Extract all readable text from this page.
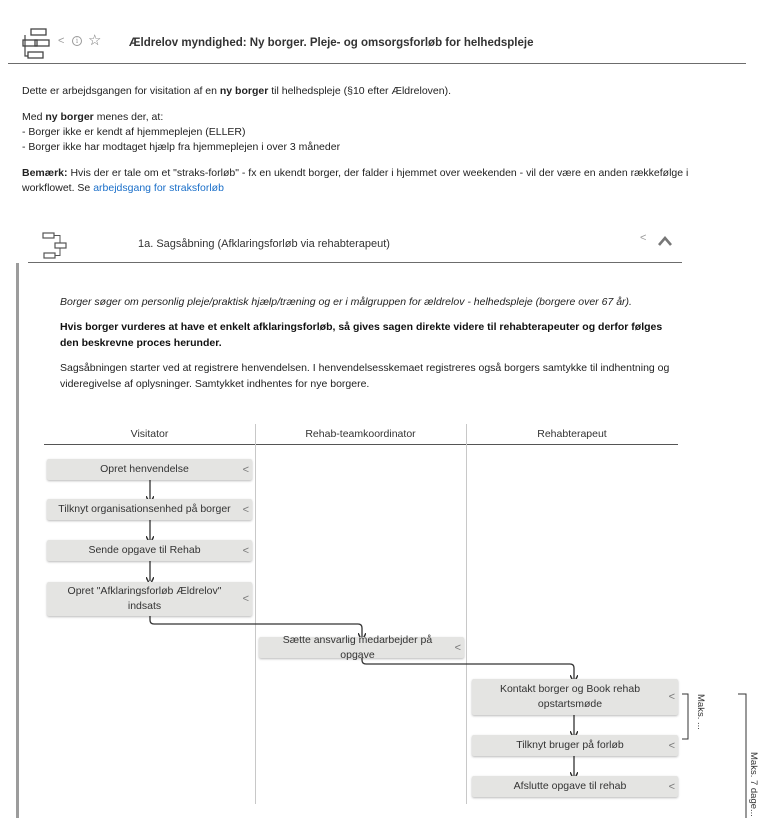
<	i ☆ Ældrelov myndighed: Ny borger. Pleje- og omsorgsforløb for helhedspleje

Dette er arbejdsgangen for visitation af en ny borger til helhedspleje (§10 efter Ældreloven).

Med ny borger menes der, at:
- Borger ikke er kendt af hjemmeplejen (ELLER)
- Borger ikke har modtaget hjælp fra hjemmeplejen i over 3 måneder

Bemærk: Hvis der er tale om et "straks-forløb" - fx en ukendt borger, der falder i hjemmet over weekenden - vil der være en anden rækkefølge i workflowet. Se arbejdsgang for straksforløb

1a. Sagsåbning (Afklaringsforløb via rehabterapeut)	<

Borger søger om personlig pleje/praktisk hjælp/træning og er i målgruppen for ældrelov - helhedspleje (borgere over 67 år).

Hvis borger vurderes at have et enkelt afklaringsforløb, så gives sagen direkte videre til rehabterapeuter og derfor følges den beskrevne proces herunder.

Sagsåbningen starter ved at registrere henvendelsen. I henvendelsesskemaet registreres også borgers samtykke til indhentning og videregivelse af oplysninger. Samtykket indhentes for nye borgere.

Visitator	Rehab-teamkoordinator	Rehabterapeut
Opret henvendelse	<
Tilknyt organisationsenhed på borger <
Sende opgave til Rehab	<
Opret "Afklaringsforløb Ældrelov" indsats
<
Sætte ansvarlig medarbejder på opgave
<
Kontakt borger og Book rehab opstartsmøde
<
Tilknyt bruger på forløb	<
Afslutte opgave til rehab	<
Maks. ...
Maks. 7 dage...
